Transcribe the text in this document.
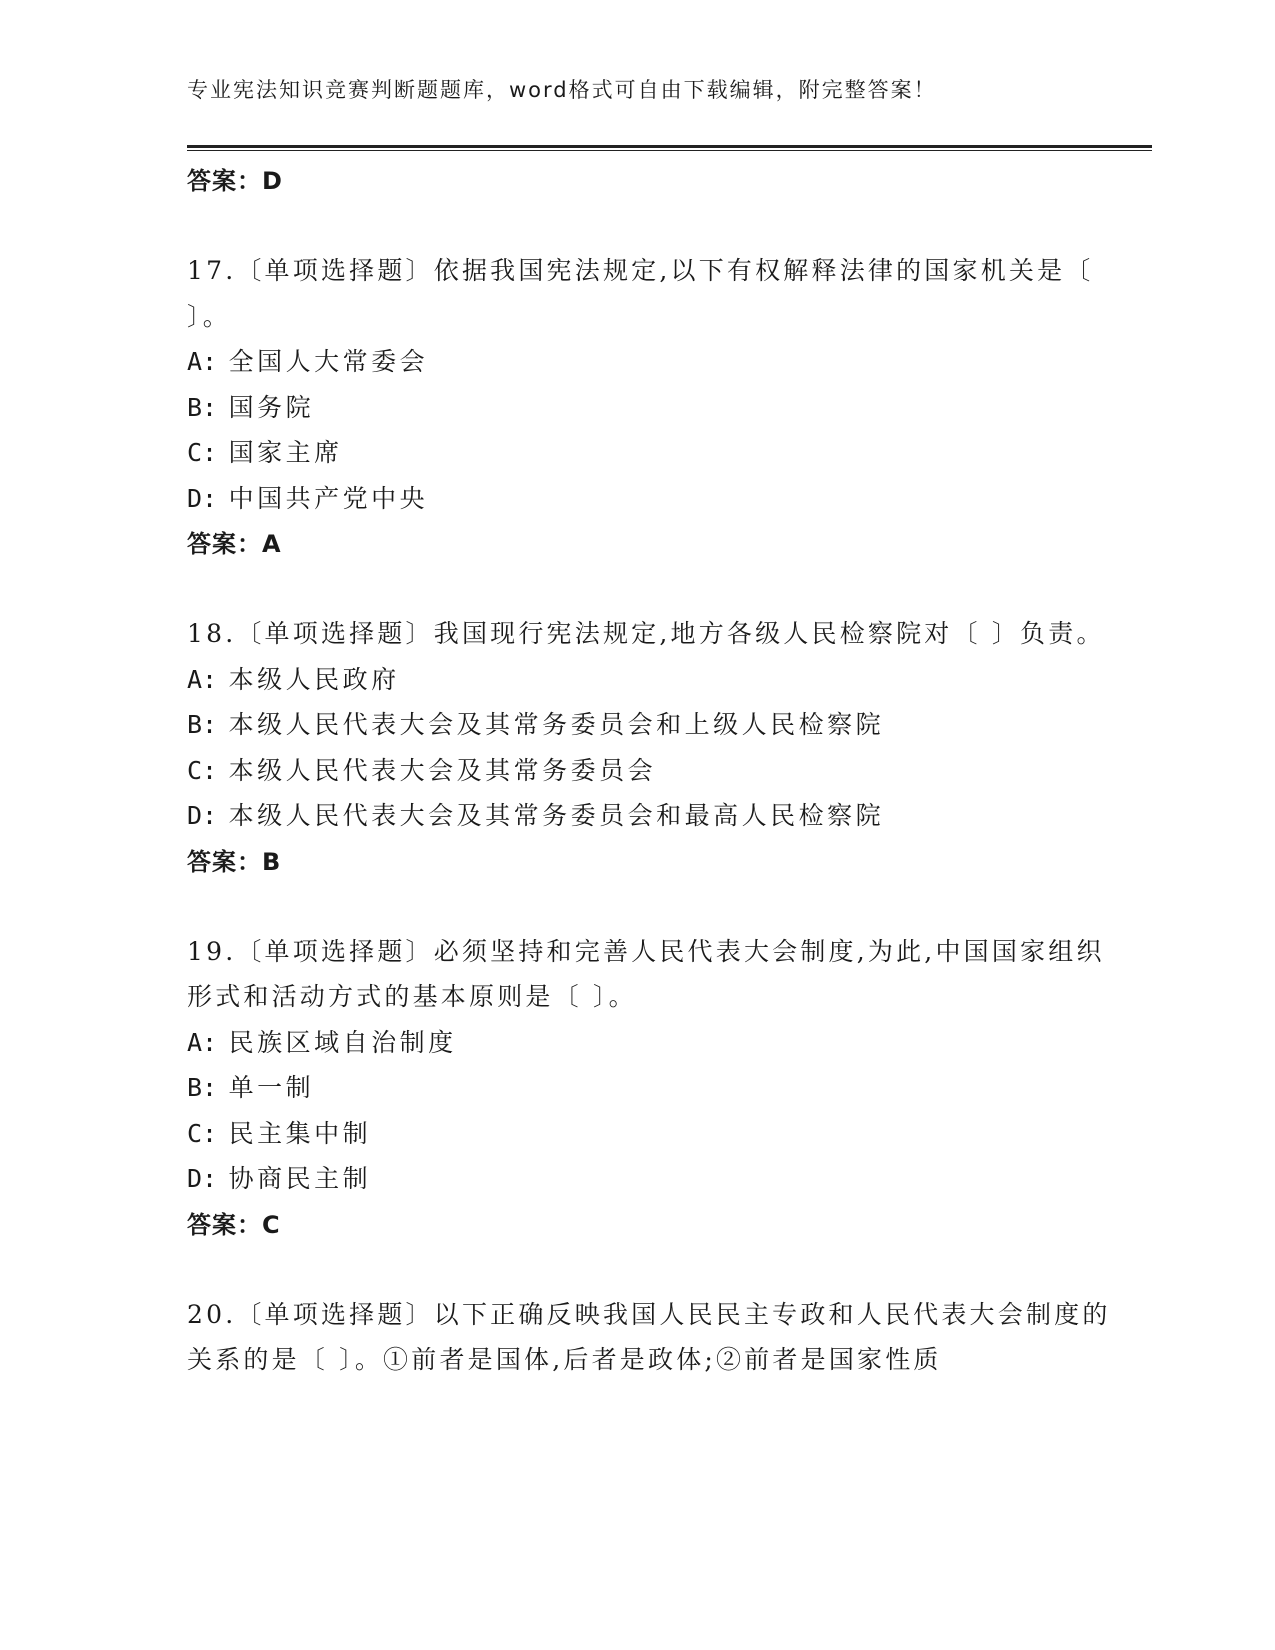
专业宪法知识竞赛判断题题库，word格式可自由下载编辑，附完整答案！
答案：D
17.〔单项选择题〕依据我国宪法规定,以下有权解释法律的国家机关是〔 〕。
A: 全国人大常委会
B: 国务院
C: 国家主席
D: 中国共产党中央
答案：A
18.〔单项选择题〕我国现行宪法规定,地方各级人民检察院对〔 〕负责。
A: 本级人民政府
B: 本级人民代表大会及其常务委员会和上级人民检察院
C: 本级人民代表大会及其常务委员会
D: 本级人民代表大会及其常务委员会和最高人民检察院
答案：B
19.〔单项选择题〕必须坚持和完善人民代表大会制度,为此,中国国家组织形式和活动方式的基本原则是〔 〕。
A: 民族区域自治制度
B: 单一制
C: 民主集中制
D: 协商民主制
答案：C
20.〔单项选择题〕以下正确反映我国人民民主专政和人民代表大会制度的关系的是〔 〕。①前者是国体,后者是政体;②前者是国家性质
